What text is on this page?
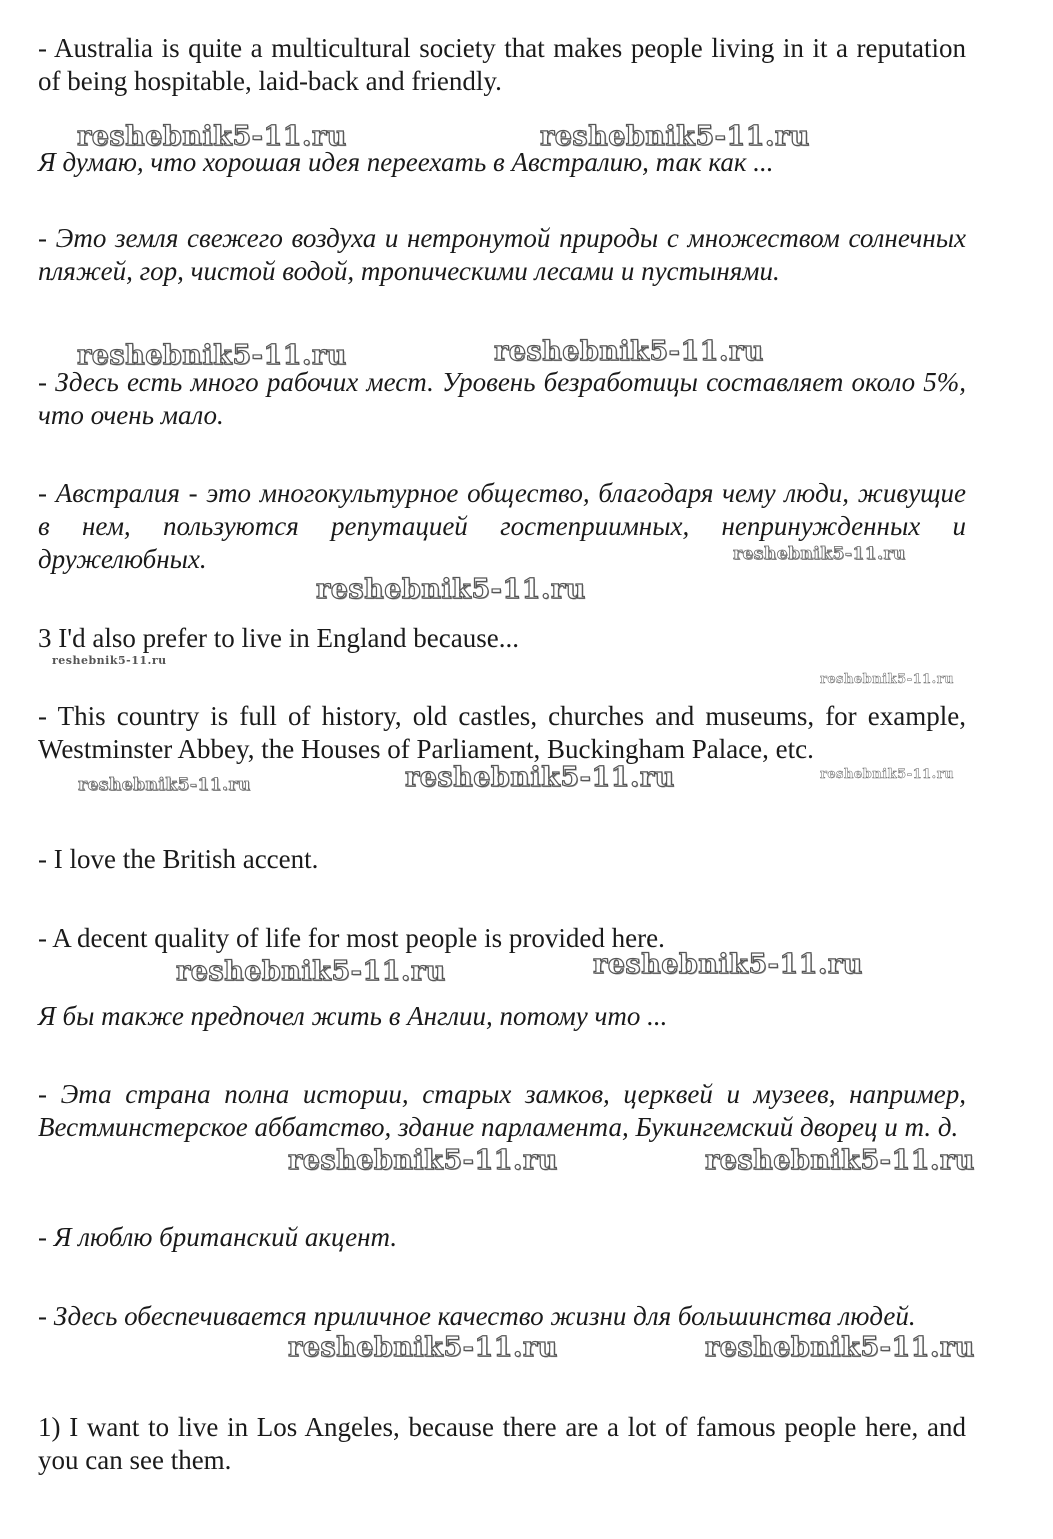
- Australia is quite a multicultural society that makes people living in it a reputation of being hospitable, laid-back and friendly.

reshebnik5-11.ru	reshebnik5-11.ru

Я думаю, что хорошая идея переехать в Австралию, так как ...

- Это земля свежего воздуха и нетронутой природы с множеством солнечных пляжей, гор, чистой водой, тропическими лесами и пустынями.

reshebnik5-11.ru	reshebnik5-11.ru

- Здесь есть много рабочих мест. Уровень безработицы составляет около 5%, что очень мало.

- Австралия - это многокультурное общество, благодаря чему люди, живущие в нем, пользуются репутацией гостеприимных, непринужденных и дружелюбных.	reshebnik5-11.ru
reshebnik5-11.ru

3 I'd also prefer to live in England because...

reshebnik5-11.ru
reshebnik5-11.ru

- This country is full of history, old castles, churches and museums, for example, Westminster Abbey, the Houses of Parliament, Buckingham Palace, etc.

reshebnik5-11.ru	reshebnik5-11.ru	reshebnik5-11.ru

- I love the British accent.

- A decent quality of life for most people is provided here.

reshebnik5-11.ru	reshebnik5-11.ru

Я бы также предпочел жить в Англии, потому что ...

- Эта страна полна истории, старых замков, церквей и музеев, например, Вестминстерское аббатство, здание парламента, Букингемский дворец и т. д.

reshebnik5-11.ru	reshebnik5-11.ru

- Я люблю британский акцент.

- Здесь обеспечивается приличное качество жизни для большинства людей.

reshebnik5-11.ru	reshebnik5-11.ru

1) I want to live in Los Angeles, because there are a lot of famous people here, and you can see them.
